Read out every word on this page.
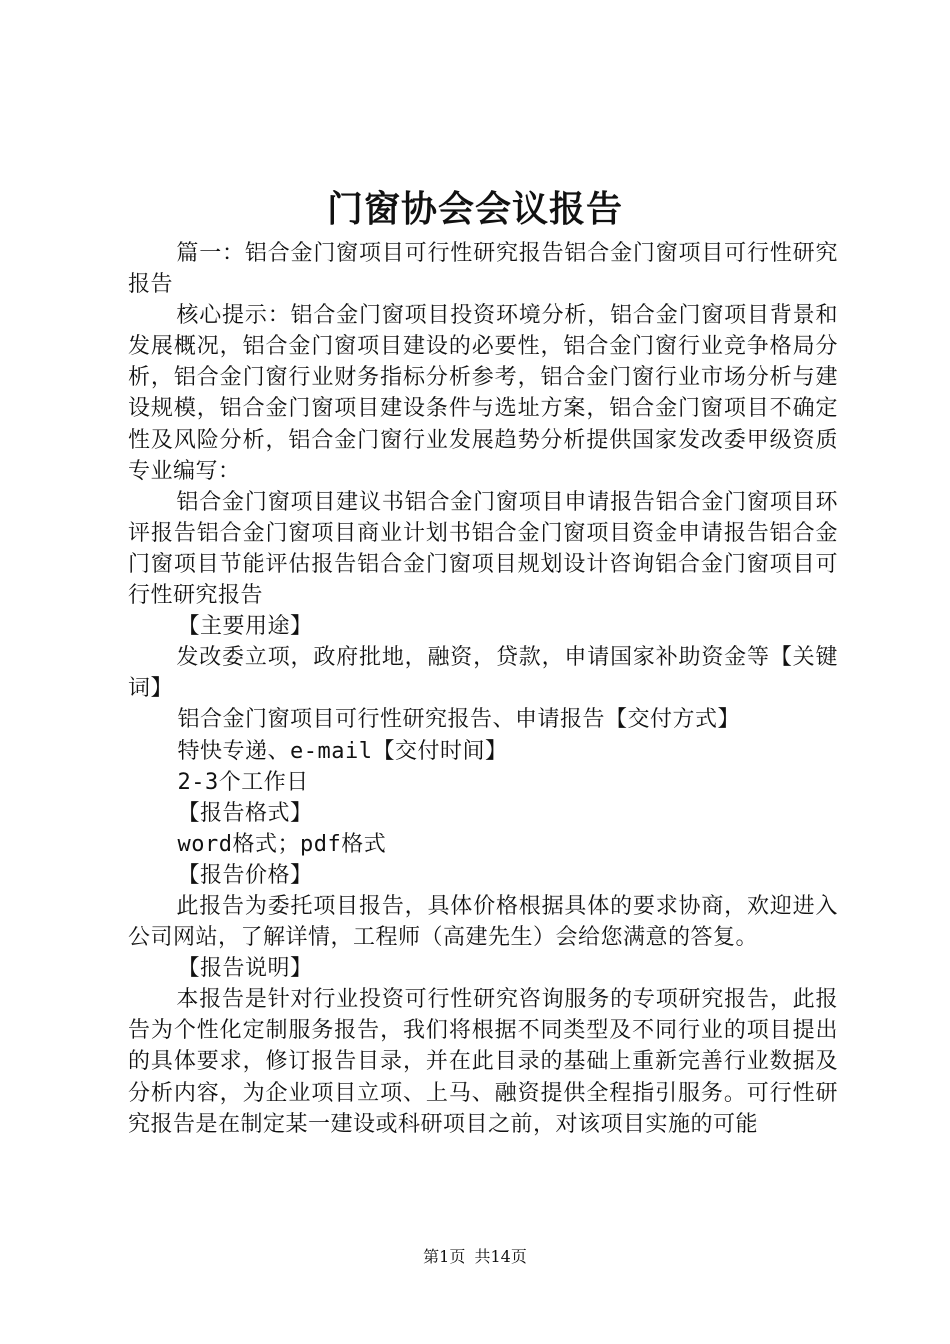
门窗协会会议报告

篇一：铝合金门窗项目可行性研究报告铝合金门窗项目可行性研究报告

核心提示：铝合金门窗项目投资环境分析，铝合金门窗项目背景和发展概况，铝合金门窗项目建设的必要性，铝合金门窗行业竞争格局分析，铝合金门窗行业财务指标分析参考，铝合金门窗行业市场分析与建设规模，铝合金门窗项目建设条件与选址方案，铝合金门窗项目不确定性及风险分析，铝合金门窗行业发展趋势分析提供国家发改委甲级资质专业编写：

铝合金门窗项目建议书铝合金门窗项目申请报告铝合金门窗项目环评报告铝合金门窗项目商业计划书铝合金门窗项目资金申请报告铝合金门窗项目节能评估报告铝合金门窗项目规划设计咨询铝合金门窗项目可行性研究报告

【主要用途】

发改委立项，政府批地，融资，贷款，申请国家补助资金等【关键词】

铝合金门窗项目可行性研究报告、申请报告【交付方式】

特快专递、e-mail【交付时间】

2-3个工作日

【报告格式】

word格式；pdf格式

【报告价格】

此报告为委托项目报告，具体价格根据具体的要求协商，欢迎进入公司网站，了解详情，工程师（高建先生）会给您满意的答复。

【报告说明】

本报告是针对行业投资可行性研究咨询服务的专项研究报告，此报告为个性化定制服务报告，我们将根据不同类型及不同行业的项目提出的具体要求，修订报告目录，并在此目录的基础上重新完善行业数据及分析内容，为企业项目立项、上马、融资提供全程指引服务。可行性研究报告是在制定某一建设或科研项目之前，对该项目实施的可能

第1页 共14页
